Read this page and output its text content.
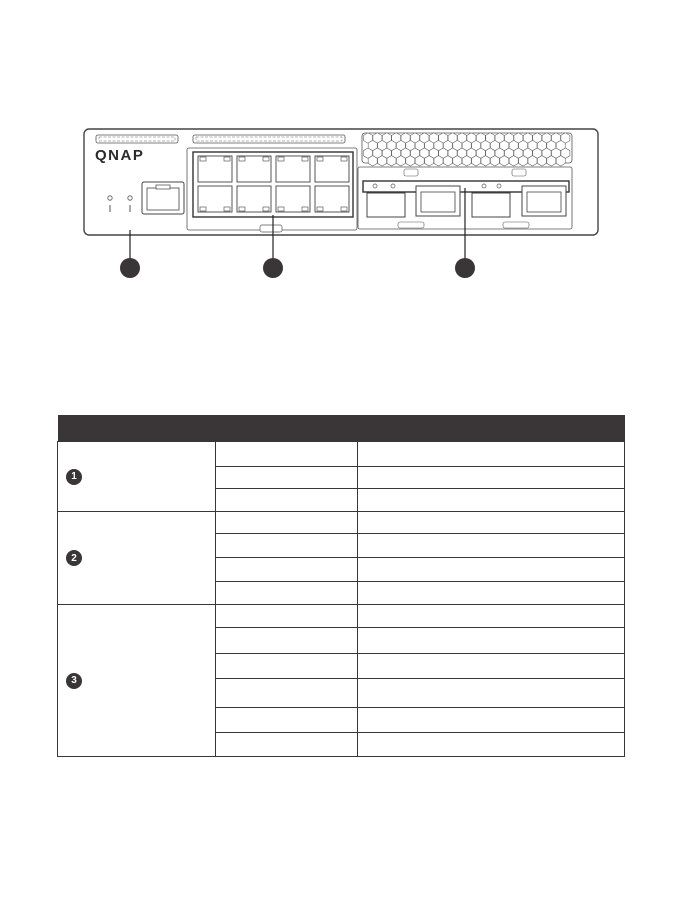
QNAP

1		

2		

3		
